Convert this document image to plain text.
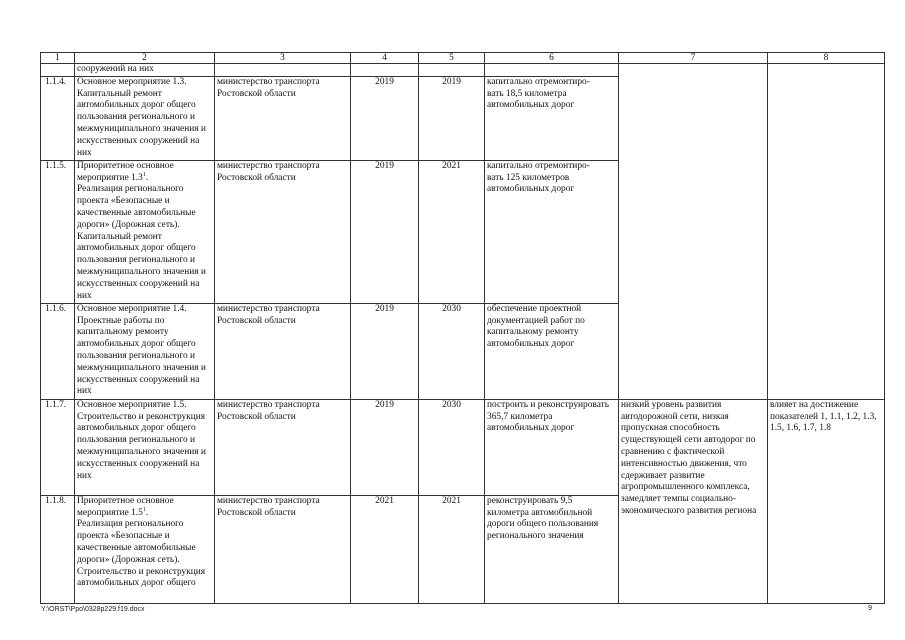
1	2	3	4	5	6	7	8
	сооружений на них						
1.1.4.	Основное мероприятие 1.3.
Капитальный ремонт автомобильных дорог общего пользования регионального и межмуниципального значения и искусственных сооружений на них	министерство транспорта Ростовской области	2019	2019	капитально отремонтиро-
вать 18,5 километра автомобильных дорог		
1.1.5.	Приоритетное основное мероприятие $1.3^1$.
Реализация регионального проекта «Безопасные и качественные автомобильные дороги» (Дорожная сеть).
Капитальный ремонт автомобильных дорог общего пользования регионального и межмуниципального значения и искусственных сооружений на них	министерство транспорта Ростовской области	2019	2021	капитально отремонтиро-
вать 125 километров автомобильных дорог		
1.1.6.	Основное мероприятие 1.4.
Проектные работы по капитальному ремонту автомобильных дорог общего пользования регионального и межмуниципального значения и искусственных сооружений на них	министерство транспорта Ростовской области	2019	2030	обеспечение проектной документацией работ по капитальному ремонту автомобильных дорог		
1.1.7.	Основное мероприятие 1.5.
Строительство и реконструкция автомобильных дорог общего пользования регионального и межмуниципального значения и искусственных сооружений на них	министерство транспорта Ростовской области	2019	2030	построить и реконструировать 365,7 километра автомобильных дорог	низкий уровень развития автодорожной сети, низкая пропускная способность существующей сети автодорог по сравнению с фактической интенсивностью движения, что сдерживает развитие агропромышленного комплекса, замедляет темпы социально-экономического развития региона	влияет на достижение показателей 1, 1.1, 1.2, 1.3, 1.5, 1.6, 1.7, 1.8
1.1.8.	Приоритетное основное мероприятие $1.5^1$.
Реализация регионального проекта «Безопасные и качественные автомобильные дороги» (Дорожная сеть).
Строительство и реконструкция автомобильных дорог общего	министерство транспорта Ростовской области	2021	2021	реконструировать 9,5 километра автомобильной дороги общего пользования регионального значения		
Y:\ORST\Ppo\0328p229.f19.docx	9
